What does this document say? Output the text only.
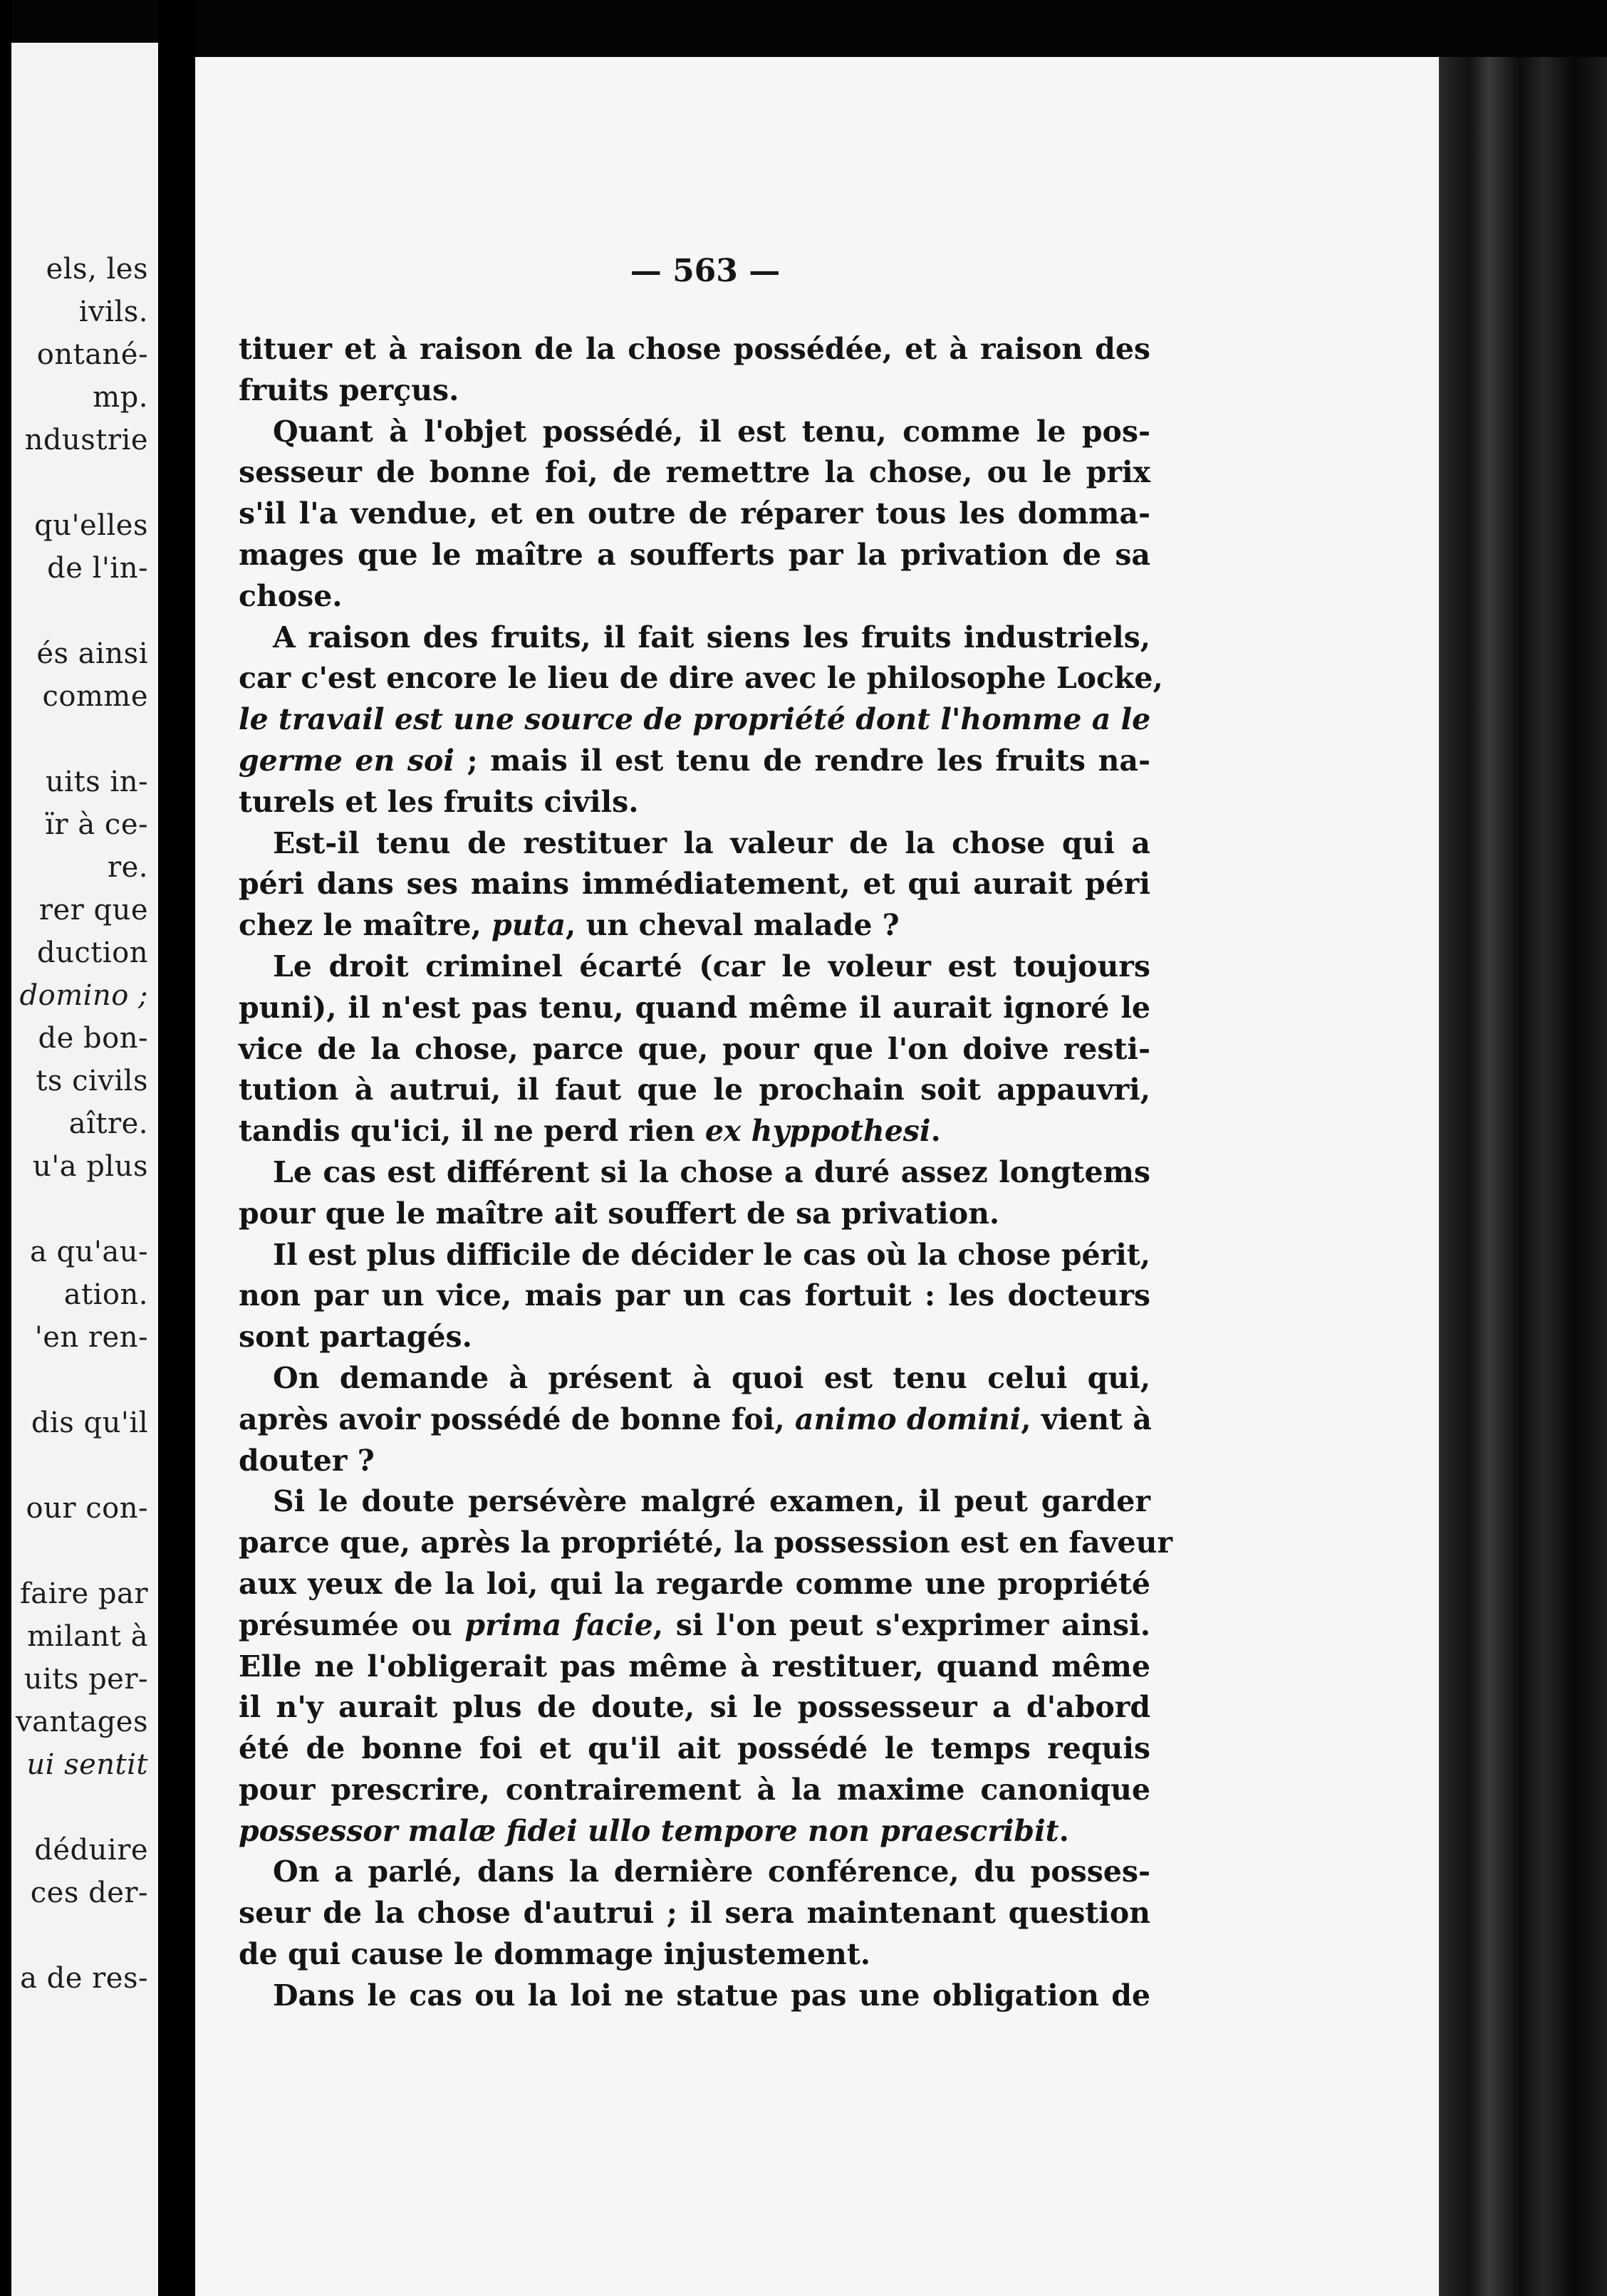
els, les
ivils.
ontané-
mp.
ndustrie
qu'elles
de l'in-
és ainsi
comme
uits in-
ïr à ce-
re.
rer que
duction
domino ;
de bon-
ts civils
aître.
u'a plus
a qu'au-
ation.
'en ren-
dis qu'il
our con-
faire par
milant à
uits per-
vantages
ui sentit
déduire
ces der-
a de res-
— 563 —
tituer et à raison de la chose possédée, et à raison des
fruits perçus.
Quant à l'objet possédé, il est tenu, comme le pos-
sesseur de bonne foi, de remettre la chose, ou le prix
s'il l'a vendue, et en outre de réparer tous les domma-
mages que le maître a soufferts par la privation de sa
chose.
A raison des fruits, il fait siens les fruits industriels,
car c'est encore le lieu de dire avec le philosophe Locke,
le travail est une source de propriété dont l'homme a le
germe en soi ; mais il est tenu de rendre les fruits na-
turels et les fruits civils.
Est-il tenu de restituer la valeur de la chose qui a
péri dans ses mains immédiatement, et qui aurait péri
chez le maître, puta, un cheval malade ?
Le droit criminel écarté (car le voleur est toujours
puni), il n'est pas tenu, quand même il aurait ignoré le
vice de la chose, parce que, pour que l'on doive resti-
tution à autrui, il faut que le prochain soit appauvri,
tandis qu'ici, il ne perd rien ex hyppothesi.
Le cas est différent si la chose a duré assez longtems
pour que le maître ait souffert de sa privation.
Il est plus difficile de décider le cas où la chose périt,
non par un vice, mais par un cas fortuit : les docteurs
sont partagés.
On demande à présent à quoi est tenu celui qui,
après avoir possédé de bonne foi, animo domini, vient à
douter ?
Si le doute persévère malgré examen, il peut garder
parce que, après la propriété, la possession est en faveur
aux yeux de la loi, qui la regarde comme une propriété
présumée ou prima facie, si l'on peut s'exprimer ainsi.
Elle ne l'obligerait pas même à restituer, quand même
il n'y aurait plus de doute, si le possesseur a d'abord
été de bonne foi et qu'il ait possédé le temps requis
pour prescrire, contrairement à la maxime canonique
possessor malæ fidei ullo tempore non praescribit.
On a parlé, dans la dernière conférence, du posses-
seur de la chose d'autrui ; il sera maintenant question
de qui cause le dommage injustement.
Dans le cas ou la loi ne statue pas une obligation de
